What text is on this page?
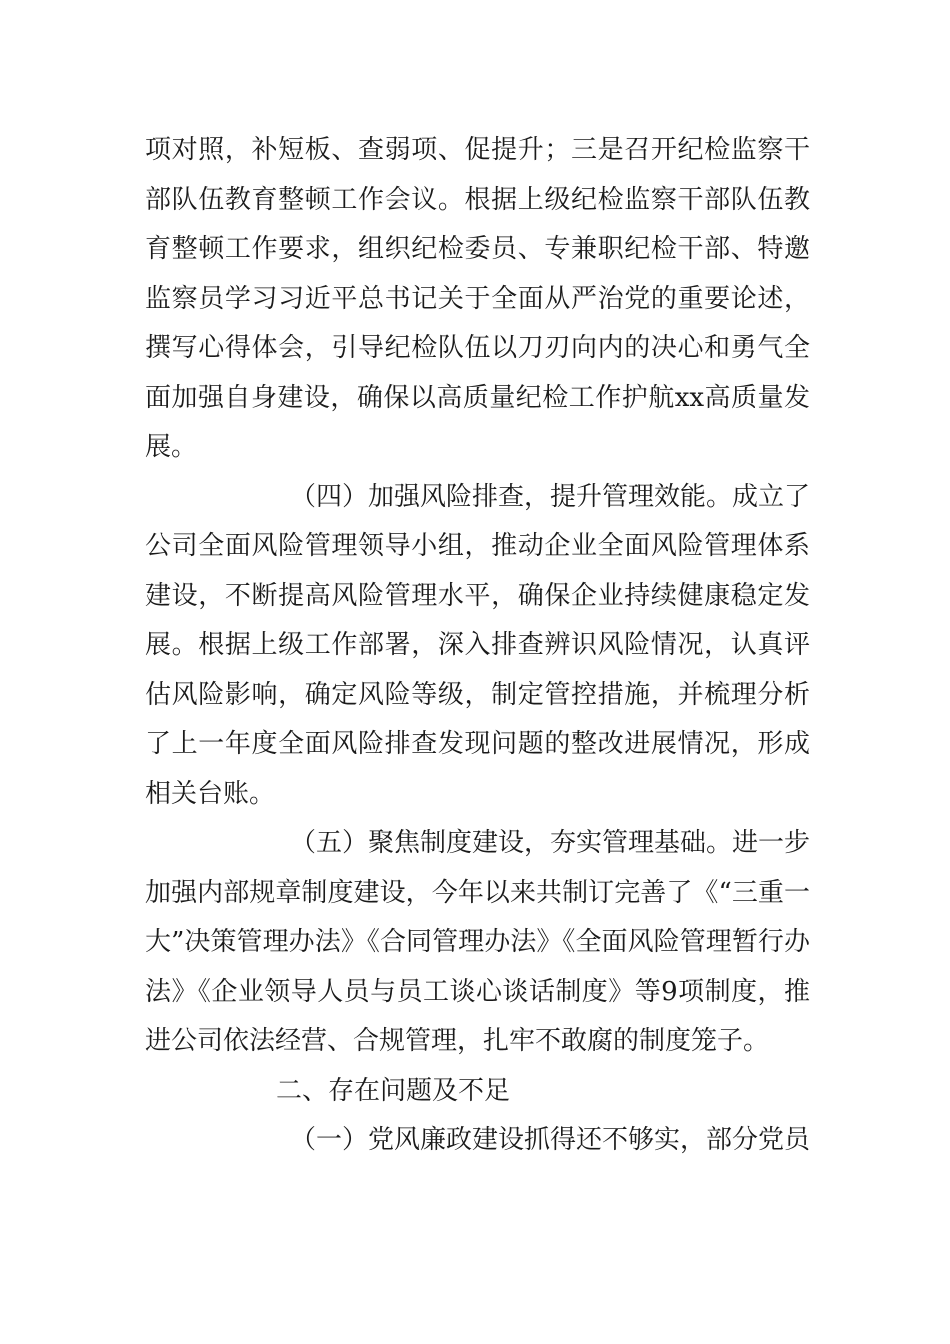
项对照，补短板、查弱项、促提升；三是召开纪检监察干部队伍教育整顿工作会议。根据上级纪检监察干部队伍教育整顿工作要求，组织纪检委员、专兼职纪检干部、特邀监察员学习习近平总书记关于全面从严治党的重要论述，撰写心得体会，引导纪检队伍以刀刃向内的决心和勇气全面加强自身建设，确保以高质量纪检工作护航xx高质量发展。

（四）加强风险排查，提升管理效能。成立了公司全面风险管理领导小组，推动企业全面风险管理体系建设，不断提高风险管理水平，确保企业持续健康稳定发展。根据上级工作部署，深入排查辨识风险情况，认真评估风险影响，确定风险等级，制定管控措施，并梳理分析了上一年度全面风险排查发现问题的整改进展情况，形成相关台账。

（五）聚焦制度建设，夯实管理基础。进一步加强内部规章制度建设，今年以来共制订完善了《“三重一大”决策管理办法》《合同管理办法》《全面风险管理暂行办法》《企业领导人员与员工谈心谈话制度》等9项制度，推进公司依法经营、合规管理，扎牢不敢腐的制度笼子。

二、存在问题及不足

（一）党风廉政建设抓得还不够实，部分党员
